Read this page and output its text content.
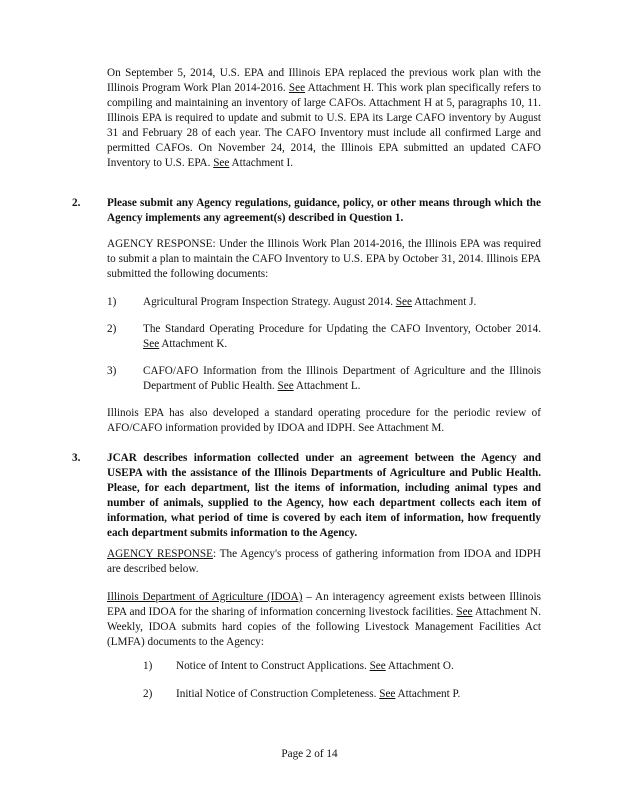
On September 5, 2014, U.S. EPA and Illinois EPA replaced the previous work plan with the Illinois Program Work Plan 2014-2016. See Attachment H. This work plan specifically refers to compiling and maintaining an inventory of large CAFOs. Attachment H at 5, paragraphs 10, 11. Illinois EPA is required to update and submit to U.S. EPA its Large CAFO inventory by August 31 and February 28 of each year. The CAFO Inventory must include all confirmed Large and permitted CAFOs. On November 24, 2014, the Illinois EPA submitted an updated CAFO Inventory to U.S. EPA. See Attachment I.

2. Please submit any Agency regulations, guidance, policy, or other means through which the Agency implements any agreement(s) described in Question 1.

AGENCY RESPONSE: Under the Illinois Work Plan 2014-2016, the Illinois EPA was required to submit a plan to maintain the CAFO Inventory to U.S. EPA by October 31, 2014. Illinois EPA submitted the following documents:

1) Agricultural Program Inspection Strategy. August 2014. See Attachment J.

2) The Standard Operating Procedure for Updating the CAFO Inventory, October 2014. See Attachment K.

3) CAFO/AFO Information from the Illinois Department of Agriculture and the Illinois Department of Public Health. See Attachment L.

Illinois EPA has also developed a standard operating procedure for the periodic review of AFO/CAFO information provided by IDOA and IDPH. See Attachment M.

3. JCAR describes information collected under an agreement between the Agency and USEPA with the assistance of the Illinois Departments of Agriculture and Public Health. Please, for each department, list the items of information, including animal types and number of animals, supplied to the Agency, how each department collects each item of information, what period of time is covered by each item of information, how frequently each department submits information to the Agency.

AGENCY RESPONSE: The Agency's process of gathering information from IDOA and IDPH are described below.

Illinois Department of Agriculture (IDOA) – An interagency agreement exists between Illinois EPA and IDOA for the sharing of information concerning livestock facilities. See Attachment N. Weekly, IDOA submits hard copies of the following Livestock Management Facilities Act (LMFA) documents to the Agency:

1) Notice of Intent to Construct Applications. See Attachment O.

2) Initial Notice of Construction Completeness. See Attachment P.

Page 2 of 14
